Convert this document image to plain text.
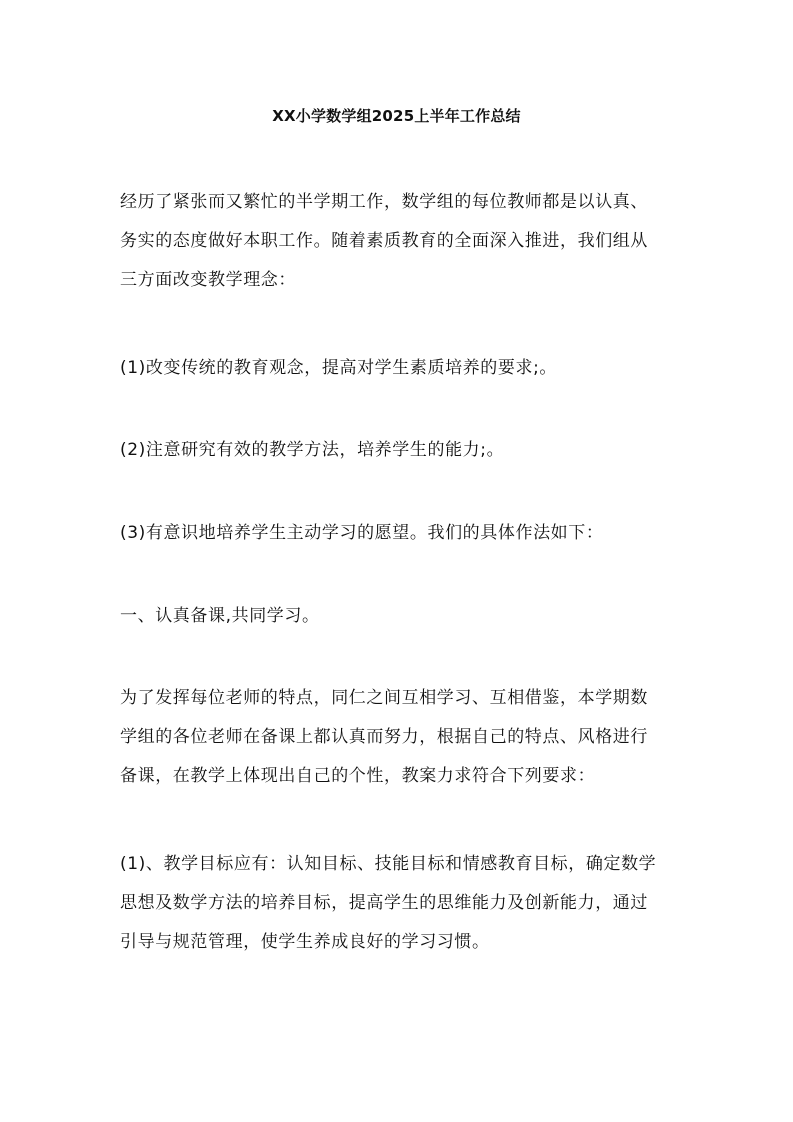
XX小学数学组2025上半年工作总结
经历了紧张而又繁忙的半学期工作，数学组的每位教师都是以认真、
务实的态度做好本职工作。随着素质教育的全面深入推进，我们组从
三方面改变教学理念：
(1)改变传统的教育观念，提高对学生素质培养的要求;。
(2)注意研究有效的教学方法，培养学生的能力;。
(3)有意识地培养学生主动学习的愿望。我们的具体作法如下：
一、认真备课,共同学习。
为了发挥每位老师的特点，同仁之间互相学习、互相借鉴，本学期数
学组的各位老师在备课上都认真而努力，根据自己的特点、风格进行
备课，在教学上体现出自己的个性，教案力求符合下列要求：
(1)、教学目标应有：认知目标、技能目标和情感教育目标，确定数学
思想及数学方法的培养目标，提高学生的思维能力及创新能力，通过
引导与规范管理，使学生养成良好的学习习惯。
